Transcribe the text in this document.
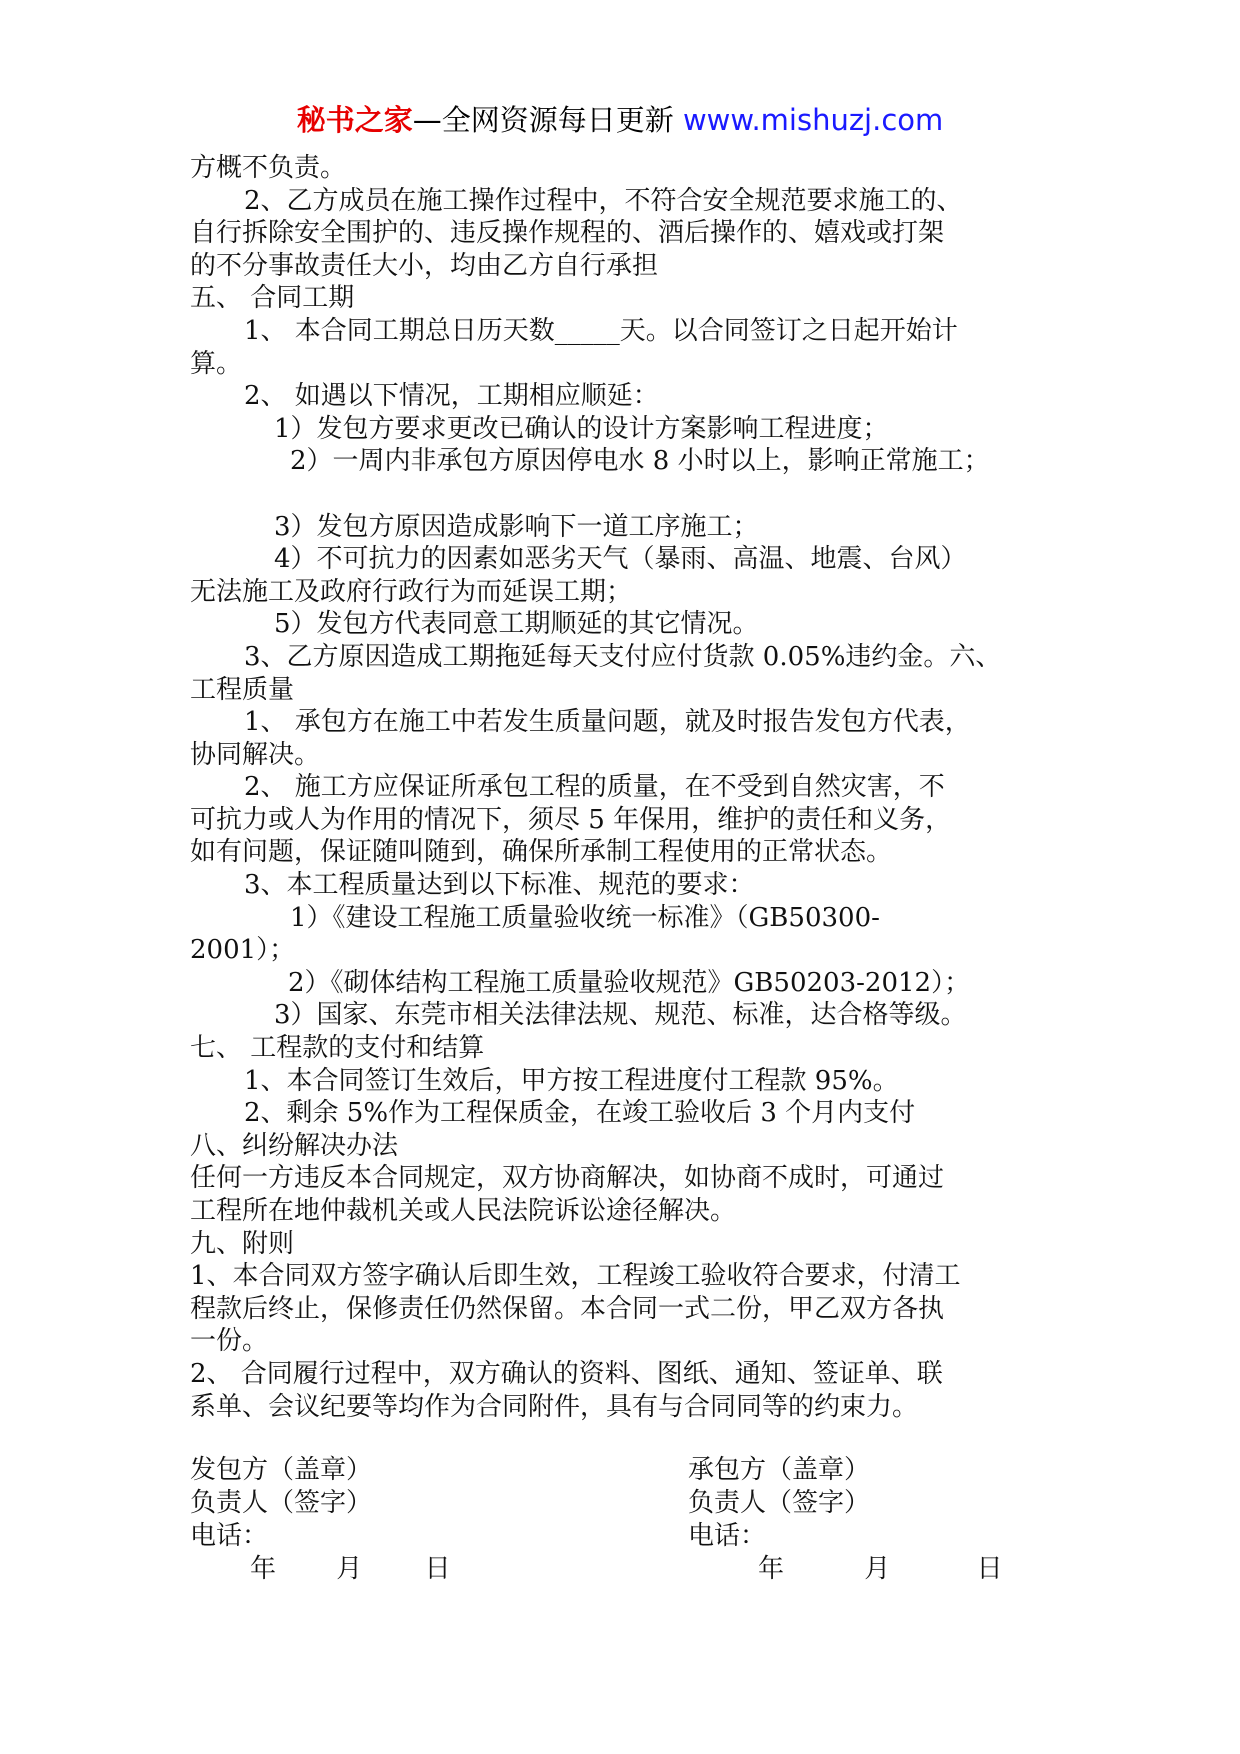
秘书之家—全网资源每日更新 www.mishuzj.com
方概不负责。
2、乙方成员在施工操作过程中，不符合安全规范要求施工的、
自行拆除安全围护的、违反操作规程的、酒后操作的、嬉戏或打架
的不分事故责任大小，均由乙方自行承担
五、 合同工期
1、 本合同工期总日历天数_____天。以合同签订之日起开始计
算。
2、 如遇以下情况，工期相应顺延：
1）发包方要求更改已确认的设计方案影响工程进度；
2）一周内非承包方原因停电水 8 小时以上，影响正常施工；
3）发包方原因造成影响下一道工序施工；
4）不可抗力的因素如恶劣天气（暴雨、高温、地震、台风）
无法施工及政府行政行为而延误工期；
5）发包方代表同意工期顺延的其它情况。
3、乙方原因造成工期拖延每天支付应付货款 0.05%违约金。六、
工程质量
1、 承包方在施工中若发生质量问题，就及时报告发包方代表，
协同解决。
2、 施工方应保证所承包工程的质量，在不受到自然灾害，不
可抗力或人为作用的情况下，须尽 5 年保用，维护的责任和义务，
如有问题，保证随叫随到，确保所承制工程使用的正常状态。
3、本工程质量达到以下标准、规范的要求：
1）《建设工程施工质量验收统一标准》（GB50300-
2001）；
2）《砌体结构工程施工质量验收规范》GB50203-2012）；
3）国家、东莞市相关法律法规、规范、标准，达合格等级。
七、 工程款的支付和结算
1、本合同签订生效后，甲方按工程进度付工程款 95%。
2、剩余 5%作为工程保质金，在竣工验收后 3 个月内支付
八、纠纷解决办法
任何一方违反本合同规定，双方协商解决，如协商不成时，可通过
工程所在地仲裁机关或人民法院诉讼途径解决。
九、附则
1、本合同双方签字确认后即生效，工程竣工验收符合要求，付清工
程款后终止，保修责任仍然保留。本合同一式二份，甲乙双方各执
一份。
2、 合同履行过程中，双方确认的资料、图纸、通知、签证单、联
系单、会议纪要等均作为合同附件，具有与合同同等的约束力。
发包方（盖章）
负责人（签字）
电话：
年 月 日
承包方（盖章）
负责人（签字）
电话：
年	月	日
